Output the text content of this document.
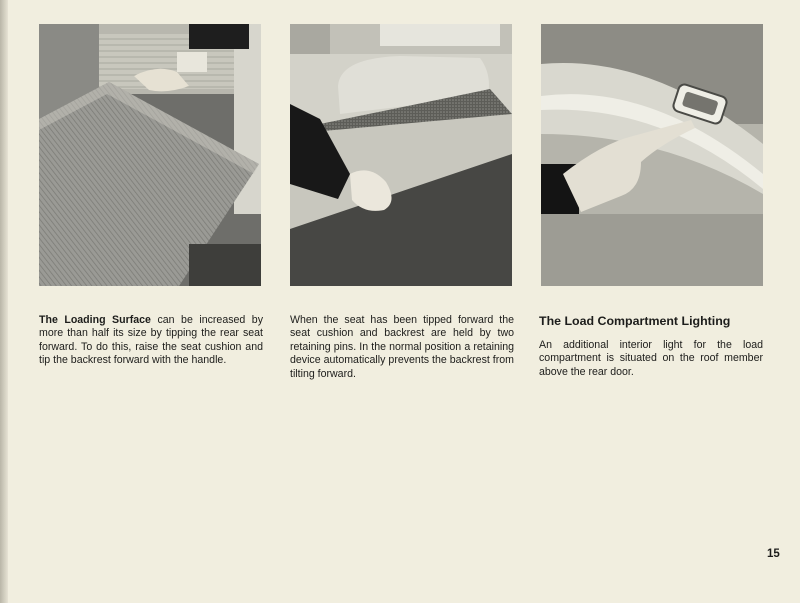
The Loading Surface can be increased by more than half its size by tipping the rear seat forward. To do this, raise the seat cushion and tip the backrest forward with the handle.

When the seat has been tipped forward the seat cushion and backrest are held by two retaining pins. In the normal position a retaining device automatically prevents the backrest from tilting forward.

The Load Compartment Lighting

An additional interior light for the load compartment is situated on the roof member above the rear door.

15
